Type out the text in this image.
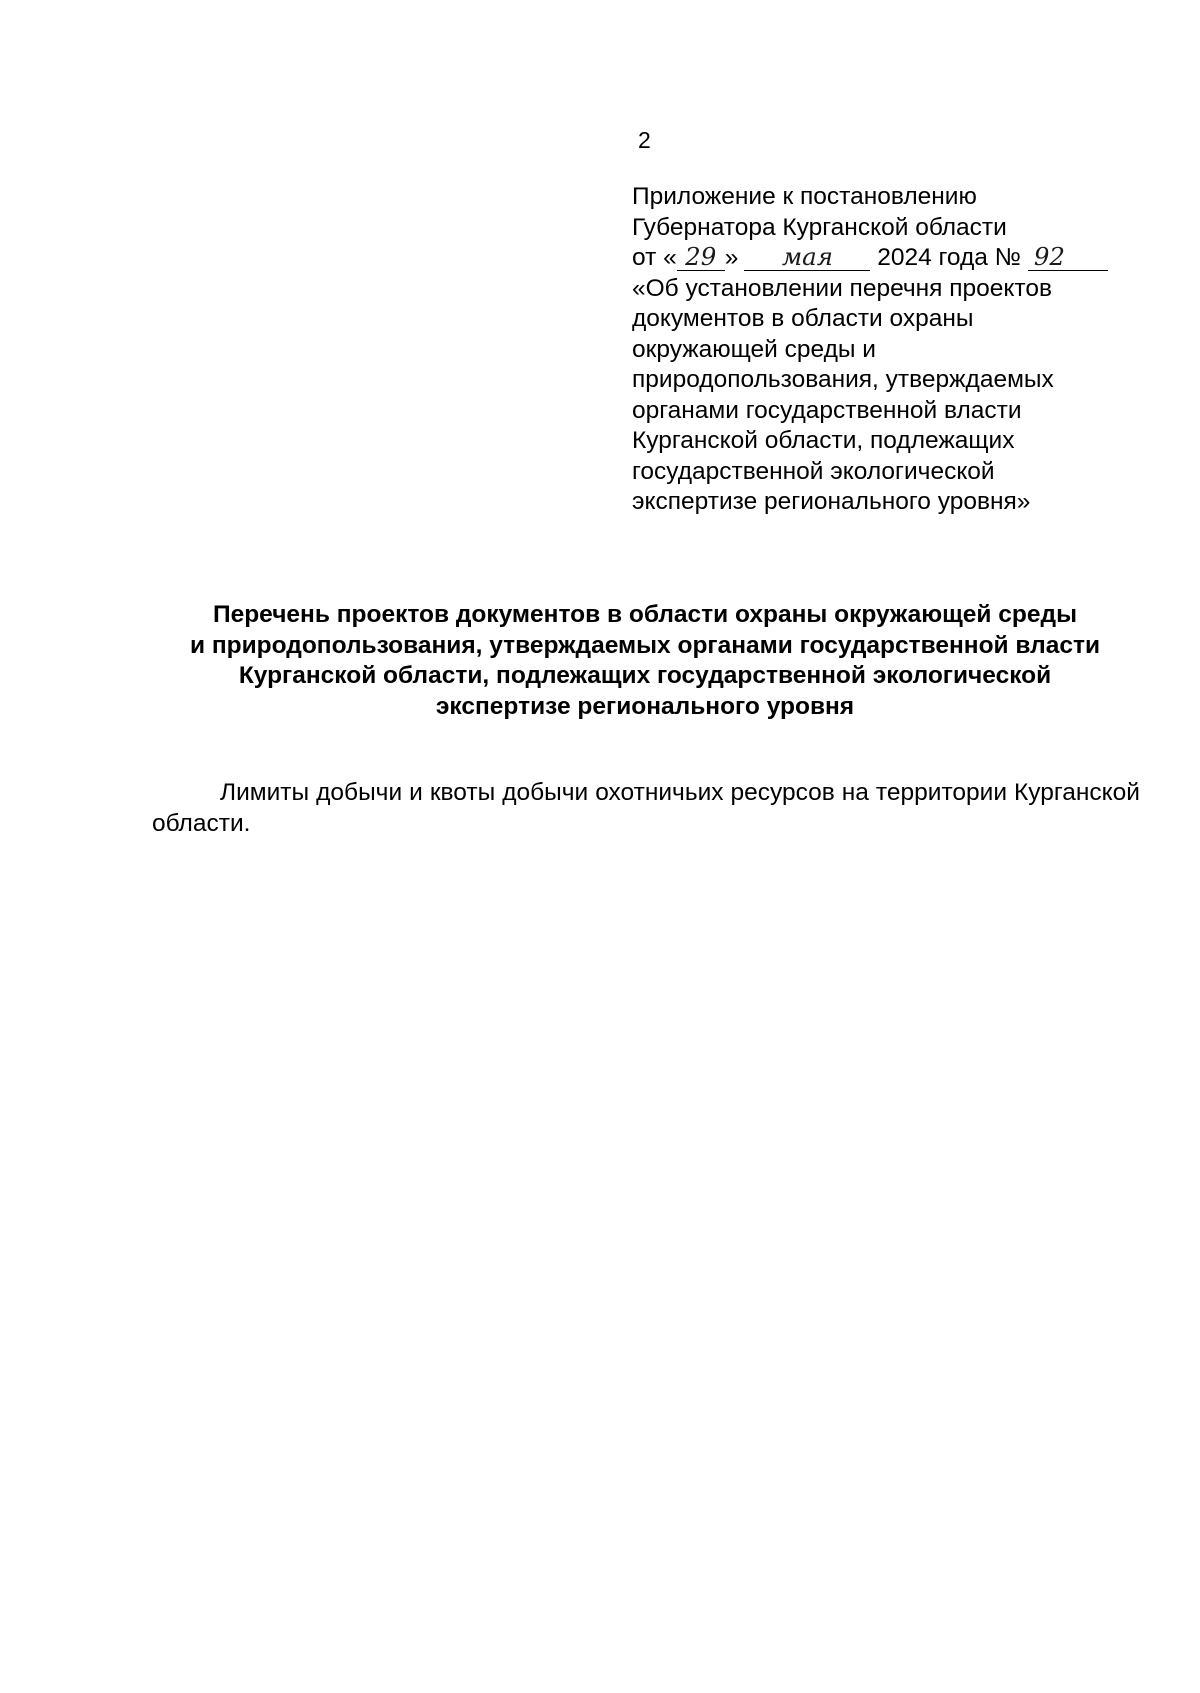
2
Приложение к постановлению
Губернатора Курганской области
от « 29 » мая 2024 года № 92
«Об установлении перечня проектов
документов в области охраны
окружающей среды и
природопользования, утверждаемых
органами государственной власти
Курганской области, подлежащих
государственной экологической
экспертизе регионального уровня»
Перечень проектов документов в области охраны окружающей среды
и природопользования, утверждаемых органами государственной власти
Курганской области, подлежащих государственной экологической
экспертизе регионального уровня
Лимиты добычи и квоты добычи охотничьих ресурсов на территории Курганской области.
